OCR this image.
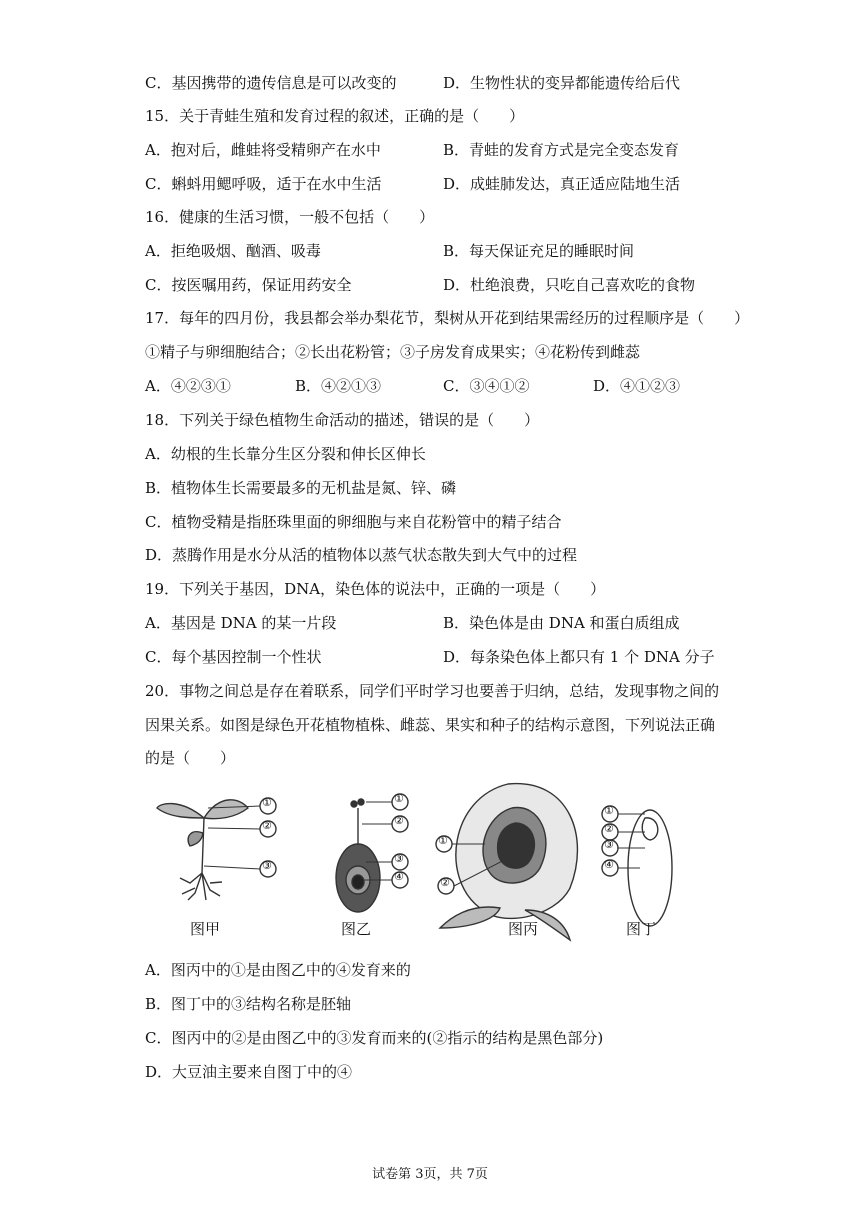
C．基因携带的遗传信息是可以改变的	D．生物性状的变异都能遗传给后代
15．关于青蛙生殖和发育过程的叙述，正确的是（　　）
A．抱对后，雌蛙将受精卵产在水中	B．青蛙的发育方式是完全变态发育
C．蝌蚪用鳃呼吸，适于在水中生活	D．成蛙肺发达，真正适应陆地生活
16．健康的生活习惯，一般不包括（　　）
A．拒绝吸烟、酗酒、吸毒	B．每天保证充足的睡眠时间
C．按医嘱用药，保证用药安全	D．杜绝浪费，只吃自己喜欢吃的食物
17．每年的四月份，我县都会举办梨花节，梨树从开花到结果需经历的过程顺序是（　　）
①精子与卵细胞结合；②长出花粉管；③子房发育成果实；④花粉传到雌蕊
A．④②③①	B．④②①③	C．③④①②	D．④①②③
18．下列关于绿色植物生命活动的描述，错误的是（　　）
A．幼根的生长靠分生区分裂和伸长区伸长
B．植物体生长需要最多的无机盐是氮、锌、磷
C．植物受精是指胚珠里面的卵细胞与来自花粉管中的精子结合
D．蒸腾作用是水分从活的植物体以蒸气状态散失到大气中的过程
19．下列关于基因，DNA，染色体的说法中，正确的一项是（　　）
A．基因是 DNA 的某一片段	B．染色体是由 DNA 和蛋白质组成
C．每个基因控制一个性状	D．每条染色体上都只有 1 个 DNA 分子
20．事物之间总是存在着联系，同学们平时学习也要善于归纳，总结，发现事物之间的
因果关系。如图是绿色开花植物植株、雌蕊、果实和种子的结构示意图，下列说法正确
的是（　　）
①
②
③
①
②
③
④
①
②
①
②
③
④
图甲	图乙	图丙	图丁
A．图丙中的①是由图乙中的④发育来的
B．图丁中的③结构名称是胚轴
C．图丙中的②是由图乙中的③发育而来的(②指示的结构是黑色部分)
D．大豆油主要来自图丁中的④
试卷第 3页，共 7页
